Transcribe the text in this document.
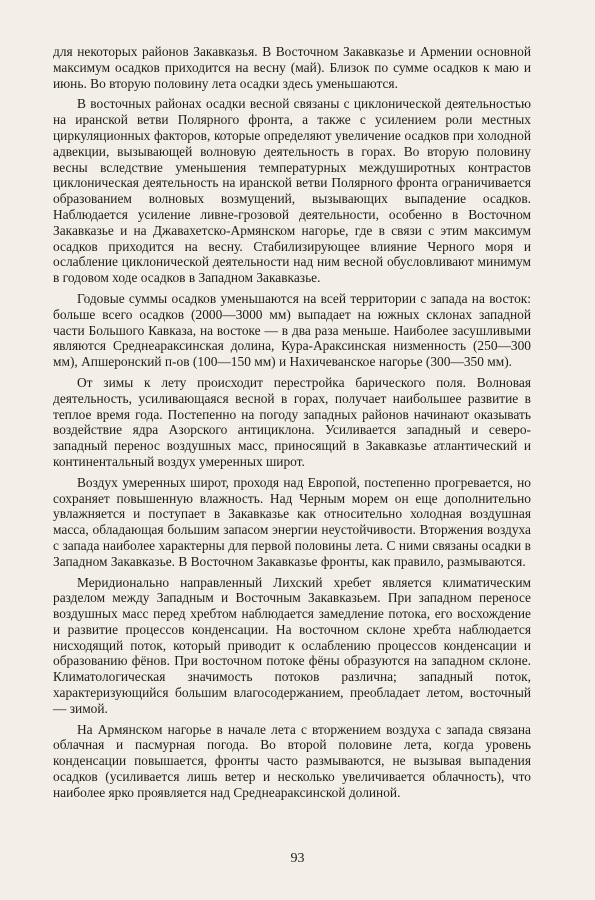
для некоторых районов Закавказья. В Восточном Закавказье и Армении основной максимум осадков приходится на весну (май). Близок по сумме осадков к маю и июнь. Во вторую половину лета осадки здесь уменьшаются.

В восточных районах осадки весной связаны с циклонической деятельностью на иранской ветви Полярного фронта, а также с усилением роли местных циркуляционных факторов, которые определяют увеличение осадков при холодной адвекции, вызывающей волновую деятельность в горах. Во вторую половину весны вследствие уменьшения температурных междуширотных контрастов циклоническая деятельность на иранской ветви Полярного фронта ограничивается образованием волновых возмущений, вызывающих выпадение осадков. Наблюдается усиление ливне-грозовой деятельности, особенно в Восточном Закавказье и на Джавахетско-Армянском нагорье, где в связи с этим максимум осадков приходится на весну. Стабилизирующее влияние Черного моря и ослабление циклонической деятельности над ним весной обусловливают минимум в годовом ходе осадков в Западном Закавказье.

Годовые суммы осадков уменьшаются на всей территории с запада на восток: больше всего осадков (2000—3000 мм) выпадает на южных склонах западной части Большого Кавказа, на востоке — в два раза меньше. Наиболее засушливыми являются Среднеараксинская долина, Кура-Араксинская низменность (250—300 мм), Апшеронский п-ов (100—150 мм) и Нахичеванское нагорье (300—350 мм).

От зимы к лету происходит перестройка барического поля. Волновая деятельность, усиливающаяся весной в горах, получает наибольшее развитие в теплое время года. Постепенно на погоду западных районов начинают оказывать воздействие ядра Азорского антициклона. Усиливается западный и северо-западный перенос воздушных масс, приносящий в Закавказье атлантический и континентальный воздух умеренных широт.

Воздух умеренных широт, проходя над Европой, постепенно прогревается, но сохраняет повышенную влажность. Над Черным морем он еще дополнительно увлажняется и поступает в Закавказье как относительно холодная воздушная масса, обладающая большим запасом энергии неустойчивости. Вторжения воздуха с запада наиболее характерны для первой половины лета. С ними связаны осадки в Западном Закавказье. В Восточном Закавказье фронты, как правило, размываются.

Меридионально направленный Лихский хребет является климатическим разделом между Западным и Восточным Закавказьем. При западном переносе воздушных масс перед хребтом наблюдается замедление потока, его восхождение и развитие процессов конденсации. На восточном склоне хребта наблюдается нисходящий поток, который приводит к ослаблению процессов конденсации и образованию фёнов. При восточном потоке фёны образуются на западном склоне. Климатологическая значимость потоков различна; западный поток, характеризующийся большим влагосодержанием, преобладает летом, восточный — зимой.

На Армянском нагорье в начале лета с вторжением воздуха с запада связана облачная и пасмурная погода. Во второй половине лета, когда уровень конденсации повышается, фронты часто размываются, не вызывая выпадения осадков (усиливается лишь ветер и несколько увеличивается облачность), что наиболее ярко проявляется над Среднеараксинской долиной.

93
